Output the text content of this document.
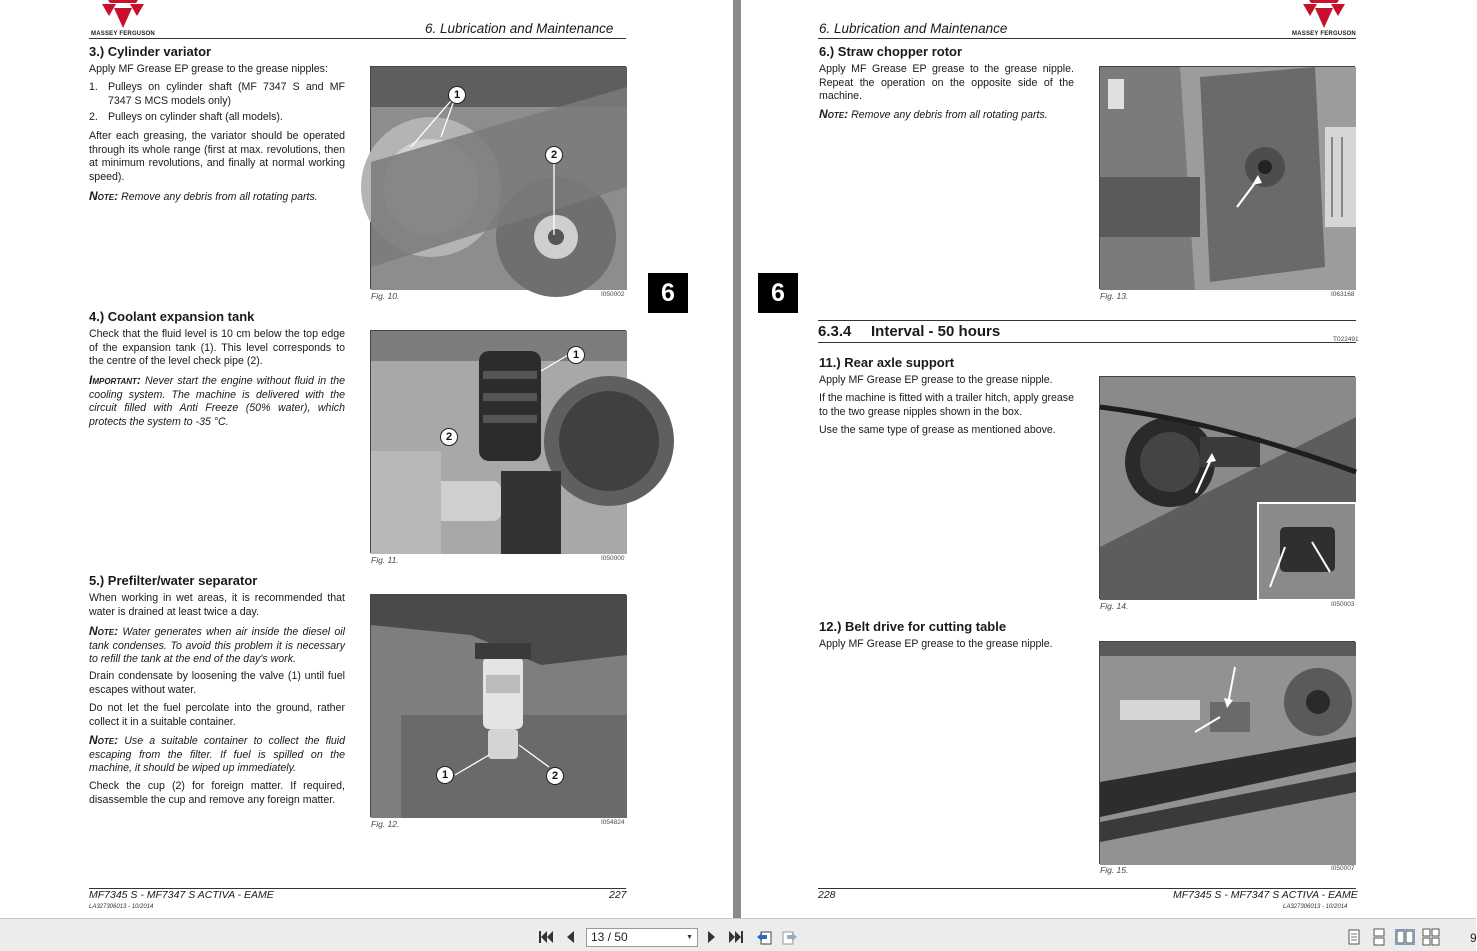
MASSEY FERGUSON	6. Lubrication and Maintenance
3.) Cylinder variator
Apply MF Grease EP grease to the grease nipples:
1. Pulleys on cylinder shaft (MF 7347 S and MF 7347 S MCS models only)
2. Pulleys on cylinder shaft (all models).
After each greasing, the variator should be operated through its whole range (first at max. revolutions, then at minimum revolutions, and finally at normal working speed).
Note: Remove any debris from all rotating parts.
1
2
Fig. 10.	I050002
4.) Coolant expansion tank
Check that the fluid level is 10 cm below the top edge of the expansion tank (1). This level corresponds to the centre of the level check pipe (2).
Important: Never start the engine without fluid in the cooling system. The machine is delivered with the circuit filled with Anti Freeze (50% water), which protects the system to -35 °C.
1
2
Fig. 11.	I050000
5.) Prefilter/water separator
When working in wet areas, it is recommended that water is drained at least twice a day.
Note: Water generates when air inside the diesel oil tank condenses. To avoid this problem it is necessary to refill the tank at the end of the day's work.
Drain condensate by loosening the valve (1) until fuel escapes without water.
Do not let the fuel percolate into the ground, rather collect it in a suitable container.
Note: Use a suitable container to collect the fluid escaping from the filter. If fuel is spilled on the machine, it should be wiped up immediately.
Check the cup (2) for foreign matter. If required, disassemble the cup and remove any foreign matter.
1	2
Fig. 12.	I054824
6
MF7345 S - MF7347 S ACTIVA - EAME	227
LA327306013 - 10/2014
6. Lubrication and Maintenance	MASSEY FERGUSON
6
6.) Straw chopper rotor
Apply MF Grease EP grease to the grease nipple. Repeat the operation on the opposite side of the machine.
Note: Remove any debris from all rotating parts.
Fig. 13.	I063168
6.3.4 Interval - 50 hours	T022491
11.) Rear axle support
Apply MF Grease EP grease to the grease nipple.
If the machine is fitted with a trailer hitch, apply grease to the two grease nipples shown in the box.
Use the same type of grease as mentioned above.
Fig. 14.	I050003
12.) Belt drive for cutting table
Apply MF Grease EP grease to the grease nipple.
Fig. 15.	I050007
228	MF7345 S - MF7347 S ACTIVA - EAME
LA327306013 - 10/2014
13 / 50	▼	9
